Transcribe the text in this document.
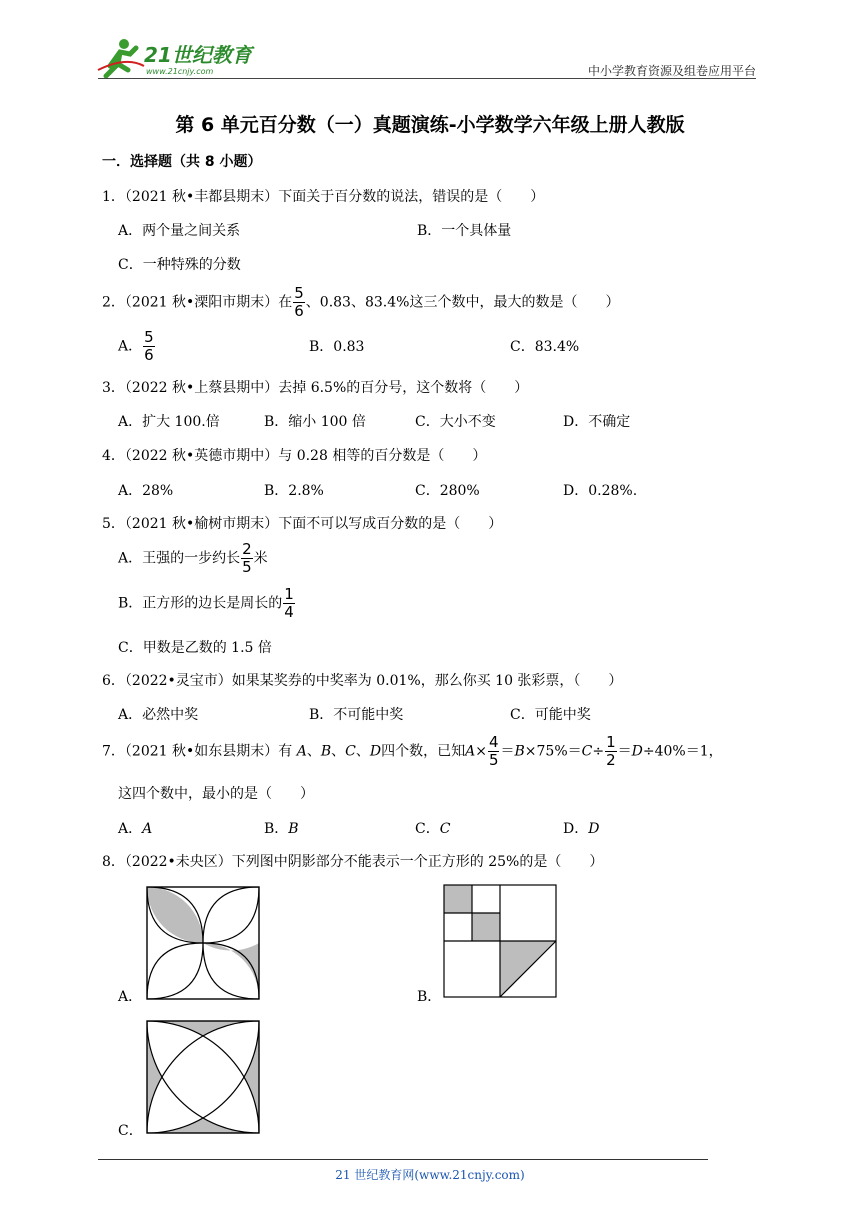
21世纪教育
www.21cnjy.com	中小学教育资源及组卷应用平台
第 6 单元百分数（一）真题演练-小学数学六年级上册人教版
一．选择题（共 8 小题）
1．（2021 秋•丰都县期末）下面关于百分数的说法，错误的是（　　）
A．两个量之间关系	B．一个具体量
C．一种特殊的分数
2．（2021 秋•溧阳市期末）在 $\frac{5}{6}$ 、0.83、83.4%这三个数中，最大的数是（　　）
A． $\frac{5}{6}$	B．0.83	C．83.4%
3．（2022 秋•上蔡县期中）去掉 6.5%的百分号，这个数将（　　）
A．扩大 100.倍	B．缩小 100 倍	C．大小不变	D．不确定
4．（2022 秋•英德市期中）与 0.28 相等的百分数是（　　）
A．28%	B．2.8%	C．280%	D．0.28%.
5．（2021 秋•榆树市期末）下面不可以写成百分数的是（　　）
A．王强的一步约长 $\frac{2}{5}$ 米
B．正方形的边长是周长的 $\frac{1}{4}$
C．甲数是乙数的 1.5 倍
6．（2022•灵宝市）如果某奖券的中奖率为 0.01%，那么你买 10 张彩票，（　　）
A．必然中奖	B．不可能中奖	C．可能中奖
7．（2021 秋•如东县期末）有 A、B、C、D四个数，已知$A\times \frac{4}{5} =B\times 75\%=C\div \frac{1}{2} =D\div 40\%=1$，
这四个数中，最小的是（　　）
A．A	B．B	C．C	D．D
8．（2022•未央区）下列图中阴影部分不能表示一个正方形的 25%的是（　　）
A．	B．
C．
21 世纪教育网(www.21cnjy.com)
